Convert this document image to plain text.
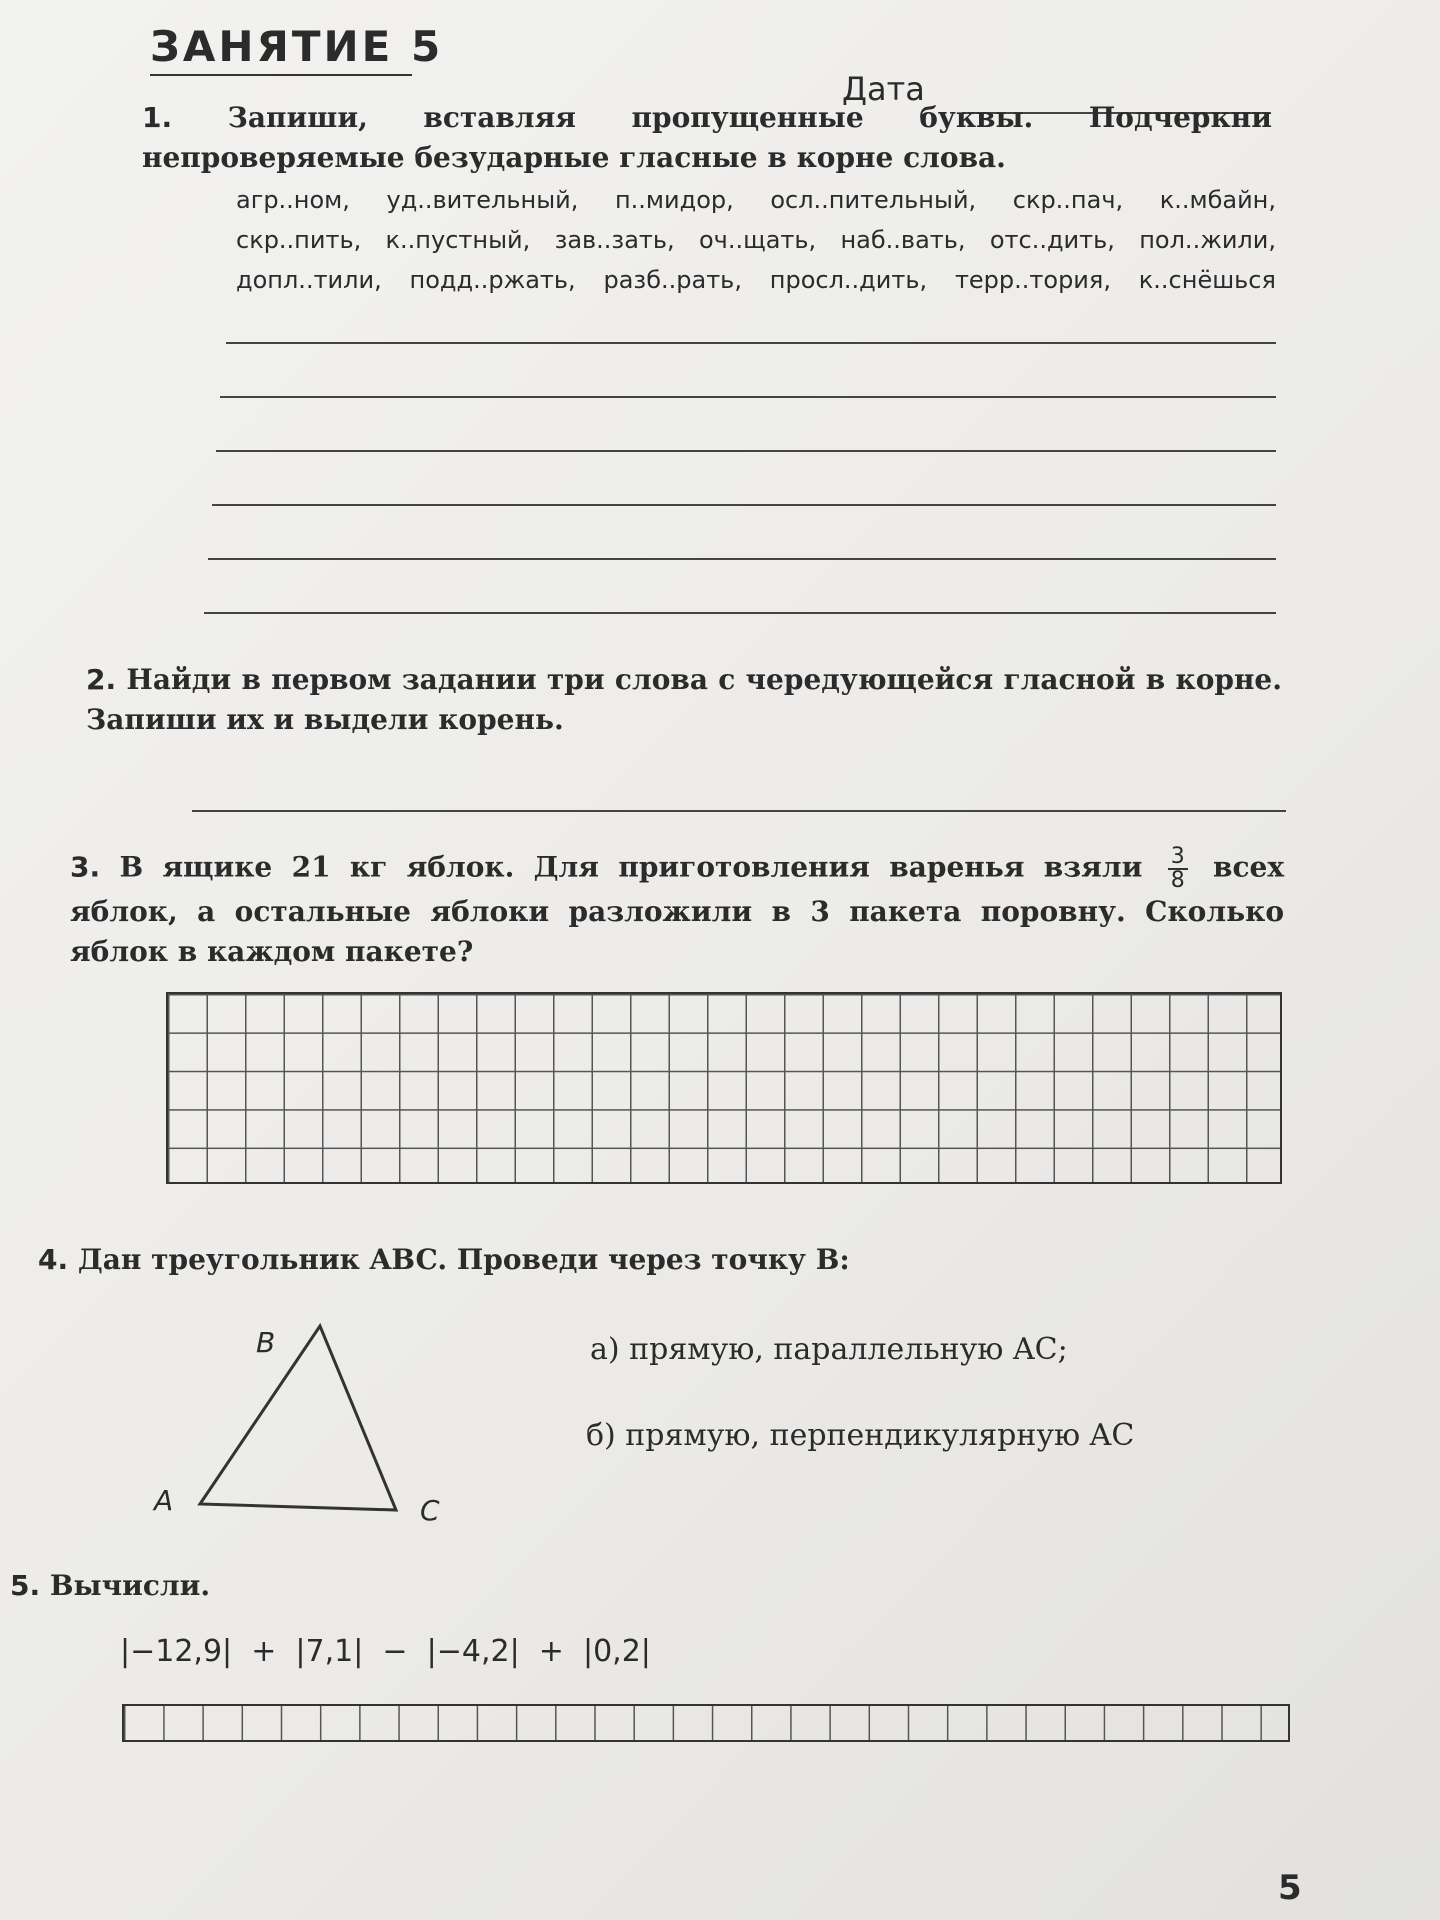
ЗАНЯТИЕ 5
Дата
1. Запиши, вставляя пропущенные буквы. Подчеркни непроверяемые безударные гласные в корне слова.
агр..ном, уд..вительный, п..мидор, осл..пительный, скр..пач, к..мбайн,
скр..пить, к..пустный, зав..зать, оч..щать, наб..вать, отс..дить, пол..жили,
допл..тили, подд..ржать, разб..рать, просл..дить, терр..тория, к..снёшься
2. Найди в первом задании три слова с чередующейся гласной в корне. Запиши их и выдели корень.
3. В ящике 21 кг яблок. Для приготовления варенья взяли $\frac{3}{8}$ всех яблок, а остальные яблоки разложили в 3 пакета поровну. Сколько яблок в каждом пакете?
4. Дан треугольник ABC. Проведи через точку B:
B
A	C
а) прямую, параллельную AC;
б) прямую, перпендикулярную AC
5. Вычисли.
|−12,9|  +  |7,1|  −  |−4,2|  +  |0,2|
5
